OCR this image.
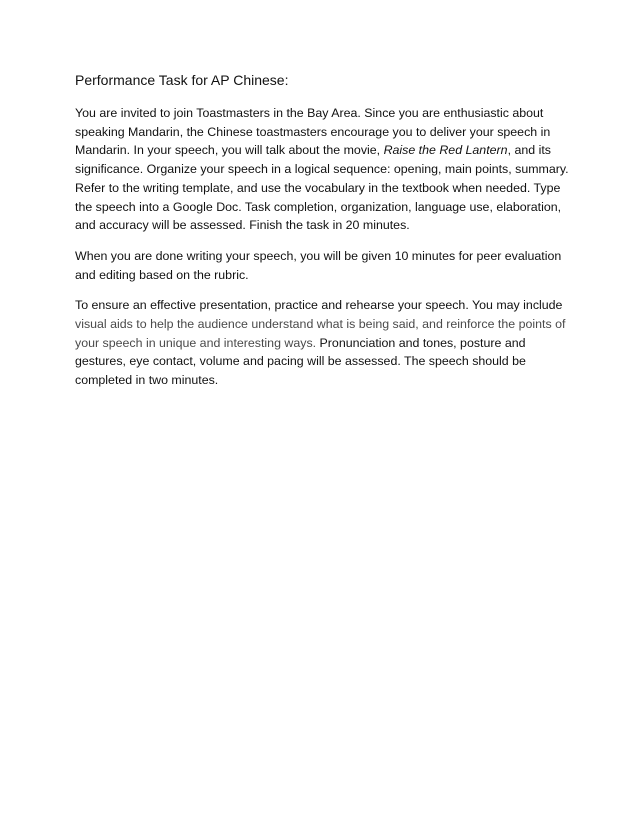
Performance Task for AP Chinese:

You are invited to join Toastmasters in the Bay Area. Since you are enthusiastic about speaking Mandarin, the Chinese toastmasters encourage you to deliver your speech in Mandarin. In your speech, you will talk about the movie, Raise the Red Lantern, and its significance. Organize your speech in a logical sequence: opening, main points, summary. Refer to the writing template, and use the vocabulary in the textbook when needed. Type the speech into a Google Doc. Task completion, organization, language use, elaboration, and accuracy will be assessed. Finish the task in 20 minutes.

When you are done writing your speech, you will be given 10 minutes for peer evaluation and editing based on the rubric.

To ensure an effective presentation, practice and rehearse your speech. You may include visual aids to help the audience understand what is being said, and reinforce the points of your speech in unique and interesting ways. Pronunciation and tones, posture and gestures, eye contact, volume and pacing will be assessed. The speech should be completed in two minutes.
